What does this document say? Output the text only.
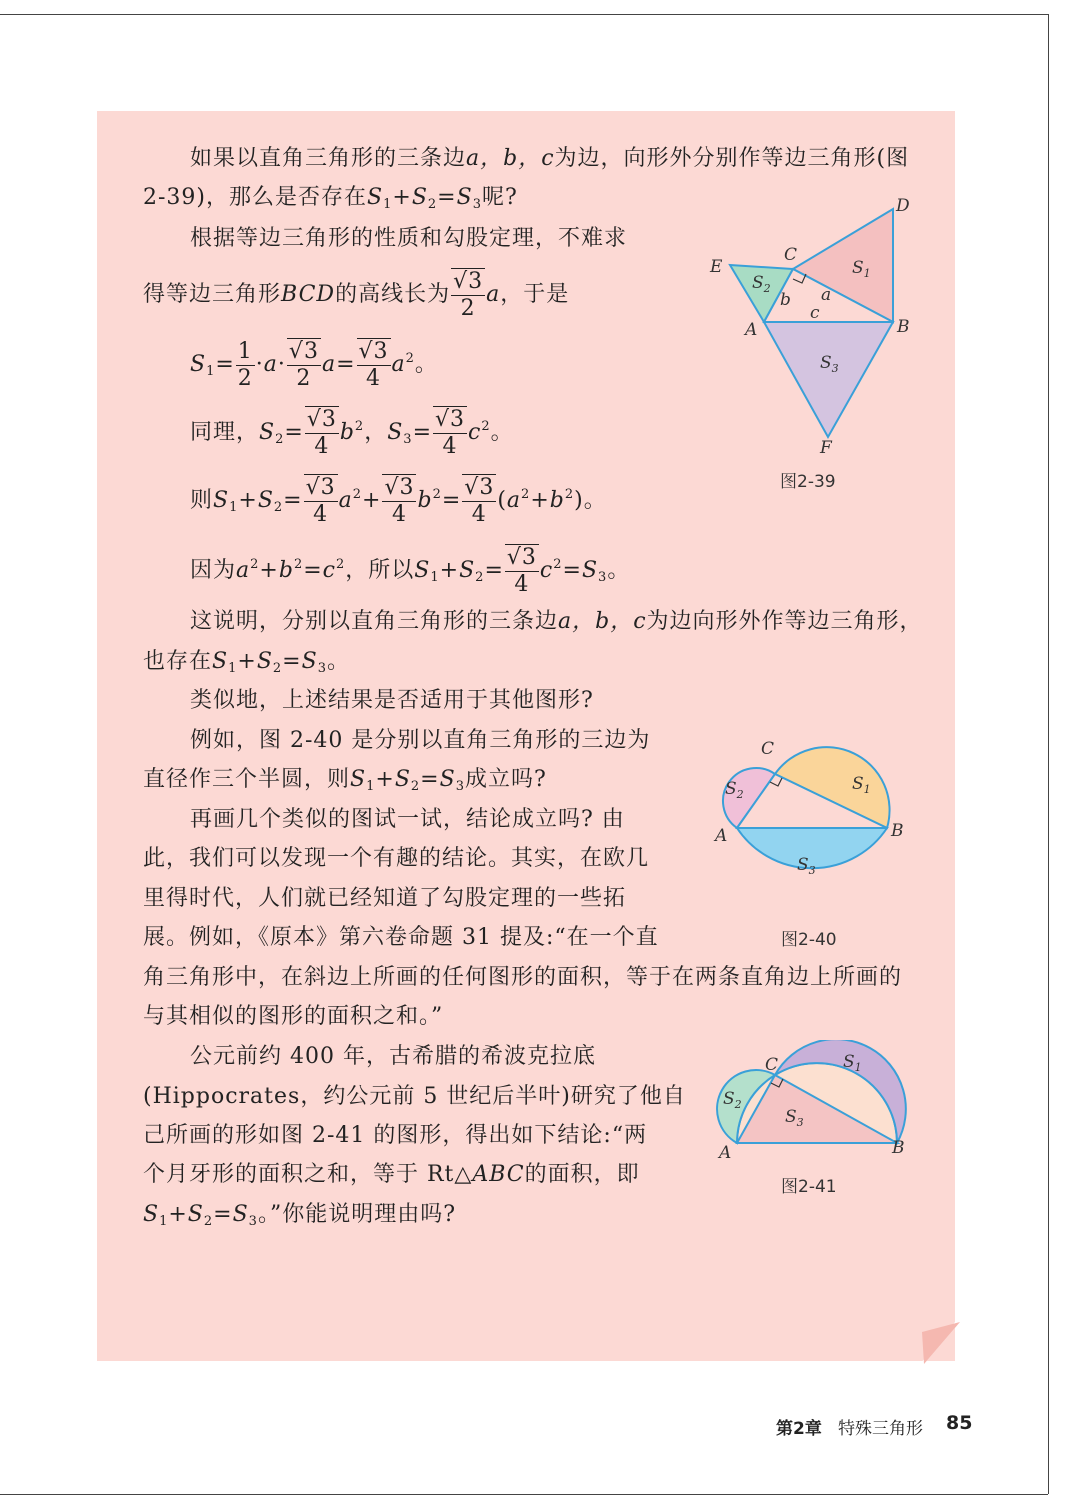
如果以直角三角形的三条边a，b，c为边，向形外分别作等边三角形(图
2-39)，那么是否存在$S_1+S_2=S_3$呢?
根据等边三角形的性质和勾股定理，不难求
得等边三角形BCD的高线长为 $\frac{√3}{2}$ a，于是
$S_1= \frac{1}{2} \cdot a\cdot \frac{√3}{2} a= \frac{√3}{4} a^2$。
同理，$S_2= \frac{√3}{4} b^2$，$S_3= \frac{√3}{4} c^2$。
则$S_1+S_2= \frac{√3}{4} a^2+ \frac{√3}{4} b^2= \frac{√3}{4} (a^2+b^2)$。
因为$a^2+b^2=c^2$，所以$S_1+S_2= \frac{√3}{4} c^2=S_3$。
这说明，分别以直角三角形的三条边a，b，c为边向形外作等边三角形，
也存在$S_1+S_2=S_3$。
类似地，上述结果是否适用于其他图形?
例如，图 2-40 是分别以直角三角形的三边为
直径作三个半圆，则$S_1+S_2=S_3$成立吗?
再画几个类似的图试一试，结论成立吗? 由
此，我们可以发现一个有趣的结论。其实，在欧几
里得时代，人们就已经知道了勾股定理的一些拓
展。例如，《原本》第六卷命题 31 提及:“在一个直
角三角形中，在斜边上所画的任何图形的面积，等于在两条直角边上所画的
与其相似的图形的面积之和。”
公元前约 400 年，古希腊的希波克拉底
(Hippocrates，约公元前 5 世纪后半叶)研究了他自
己所画的形如图 2-41 的图形，得出如下结论:“两
个月牙形的面积之和，等于 Rt△ABC的面积，即
$S_1+S_2=S_3$。”你能说明理由吗?
D
C
E
A	B
F
$S_1$
$S_2$
$S_3$
a
b
c
图2-39
C
A	B
$S_1$
$S_2$
$S_3$
图2-40
C
A	B
$S_1$
$S_2$
$S_3$
图2-41
第2章 特殊三角形 85
